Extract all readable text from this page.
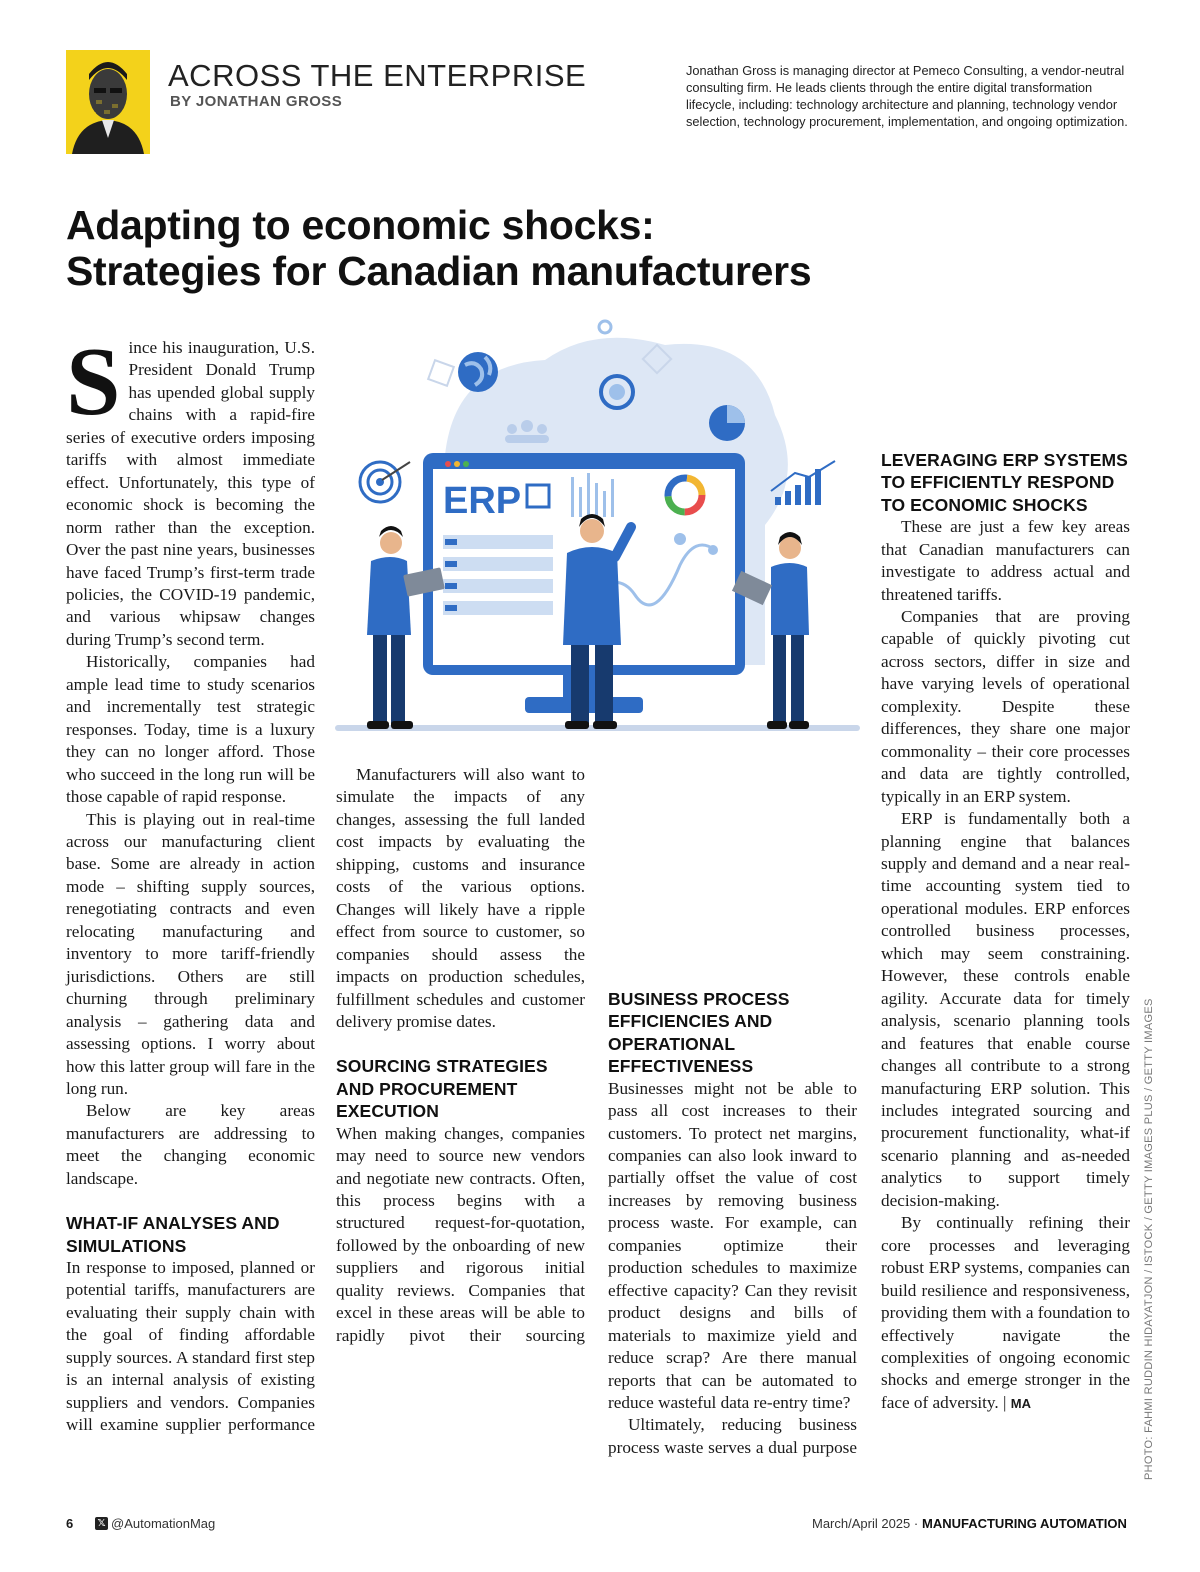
ACROSS THE ENTERPRISE
BY JONATHAN GROSS
Jonathan Gross is managing director at Pemeco Consulting, a vendor-neutral consulting firm. He leads clients through the entire digital transformation lifecycle, including: technology architecture and planning, technology vendor selection, technology procurement, implementation, and ongoing optimization.
Adapting to economic shocks:
Strategies for Canadian manufacturers
ERP

Since his inauguration, U.S. President Donald Trump has upended global supply chains with a rapid-fire series of executive orders imposing tariffs with almost immediate effect. Unfortunately, this type of economic shock is becoming the norm rather than the exception. Over the past nine years, businesses have faced Trump’s first-term trade policies, the COVID-19 pandemic, and various whipsaw changes during Trump’s second term.

Historically, companies had ample lead time to study scenarios and incrementally test strategic responses. Today, time is a luxury they can no longer afford. Those who succeed in the long run will be those capable of rapid response.

This is playing out in real-time across our manufacturing client base. Some are already in action mode – shifting supply sources, renegotiating contracts and even relocating manufacturing and inventory to more tariff-friendly jurisdictions. Others are still churning through preliminary analysis – gathering data and assessing options. I worry about how this latter group will fare in the long run.

Below are key areas manufacturers are addressing to meet the changing economic landscape.

WHAT-IF ANALYSES AND SIMULATIONS

In response to imposed, planned or potential tariffs, manufacturers are evaluating their supply chain with the goal of finding affordable supply sources. A standard first step is an internal analysis of existing suppliers and vendors. Companies will examine supplier performance

Manufacturers will also want to simulate the impacts of any changes, assessing the full landed cost impacts by evaluating the shipping, customs and insurance costs of the various options. Changes will likely have a ripple effect from source to customer, so companies should assess the impacts on production schedules, fulfillment schedules and customer delivery promise dates.

SOURCING STRATEGIES AND PROCUREMENT EXECUTION

When making changes, companies may need to source new vendors and negotiate new contracts. Often, this process begins with a structured request-for-quotation, followed by the onboarding of new suppliers and rigorous initial quality reviews. Companies that excel in these areas will be able to rapidly pivot their sourcing

BUSINESS PROCESS EFFICIENCIES AND OPERATIONAL EFFECTIVENESS

Businesses might not be able to pass all cost increases to their customers. To protect net margins, companies can also look inward to partially offset the value of cost increases by removing business process waste. For example, can companies optimize their production schedules to maximize effective capacity? Can they revisit product designs and bills of materials to maximize yield and reduce scrap? Are there manual reports that can be automated to reduce wasteful data re-entry time?

Ultimately, reducing business process waste serves a dual purpose

LEVERAGING ERP SYSTEMS TO EFFICIENTLY RESPOND TO ECONOMIC SHOCKS

These are just a few key areas that Canadian manufacturers can investigate to address actual and threatened tariffs.

Companies that are proving capable of quickly pivoting cut across sectors, differ in size and have varying levels of operational complexity. Despite these differences, they share one major commonality – their core processes and data are tightly controlled, typically in an ERP system.

ERP is fundamentally both a planning engine that balances supply and demand and a near real-time accounting system tied to operational modules. ERP enforces controlled business processes, which may seem constraining. However, these controls enable agility. Accurate data for timely analysis, scenario planning tools and features that enable course changes all contribute to a strong manufacturing ERP solution. This includes integrated sourcing and procurement functionality, what-if scenario planning and as-needed analytics to support timely decision-making.

By continually refining their core processes and leveraging robust ERP systems, companies can build resilience and responsiveness, providing them with a foundation to effectively navigate the complexities of ongoing economic shocks and emerge stronger in the face of adversity. | MA	PHOTO: FAHMI RUDDIN HIDAYATJON / ISTOCK / GETTY IMAGES PLUS / GETTY IMAGES
6 𝕏 @AutomationMag	March/April 2025 · MANUFACTURING AUTOMATION
